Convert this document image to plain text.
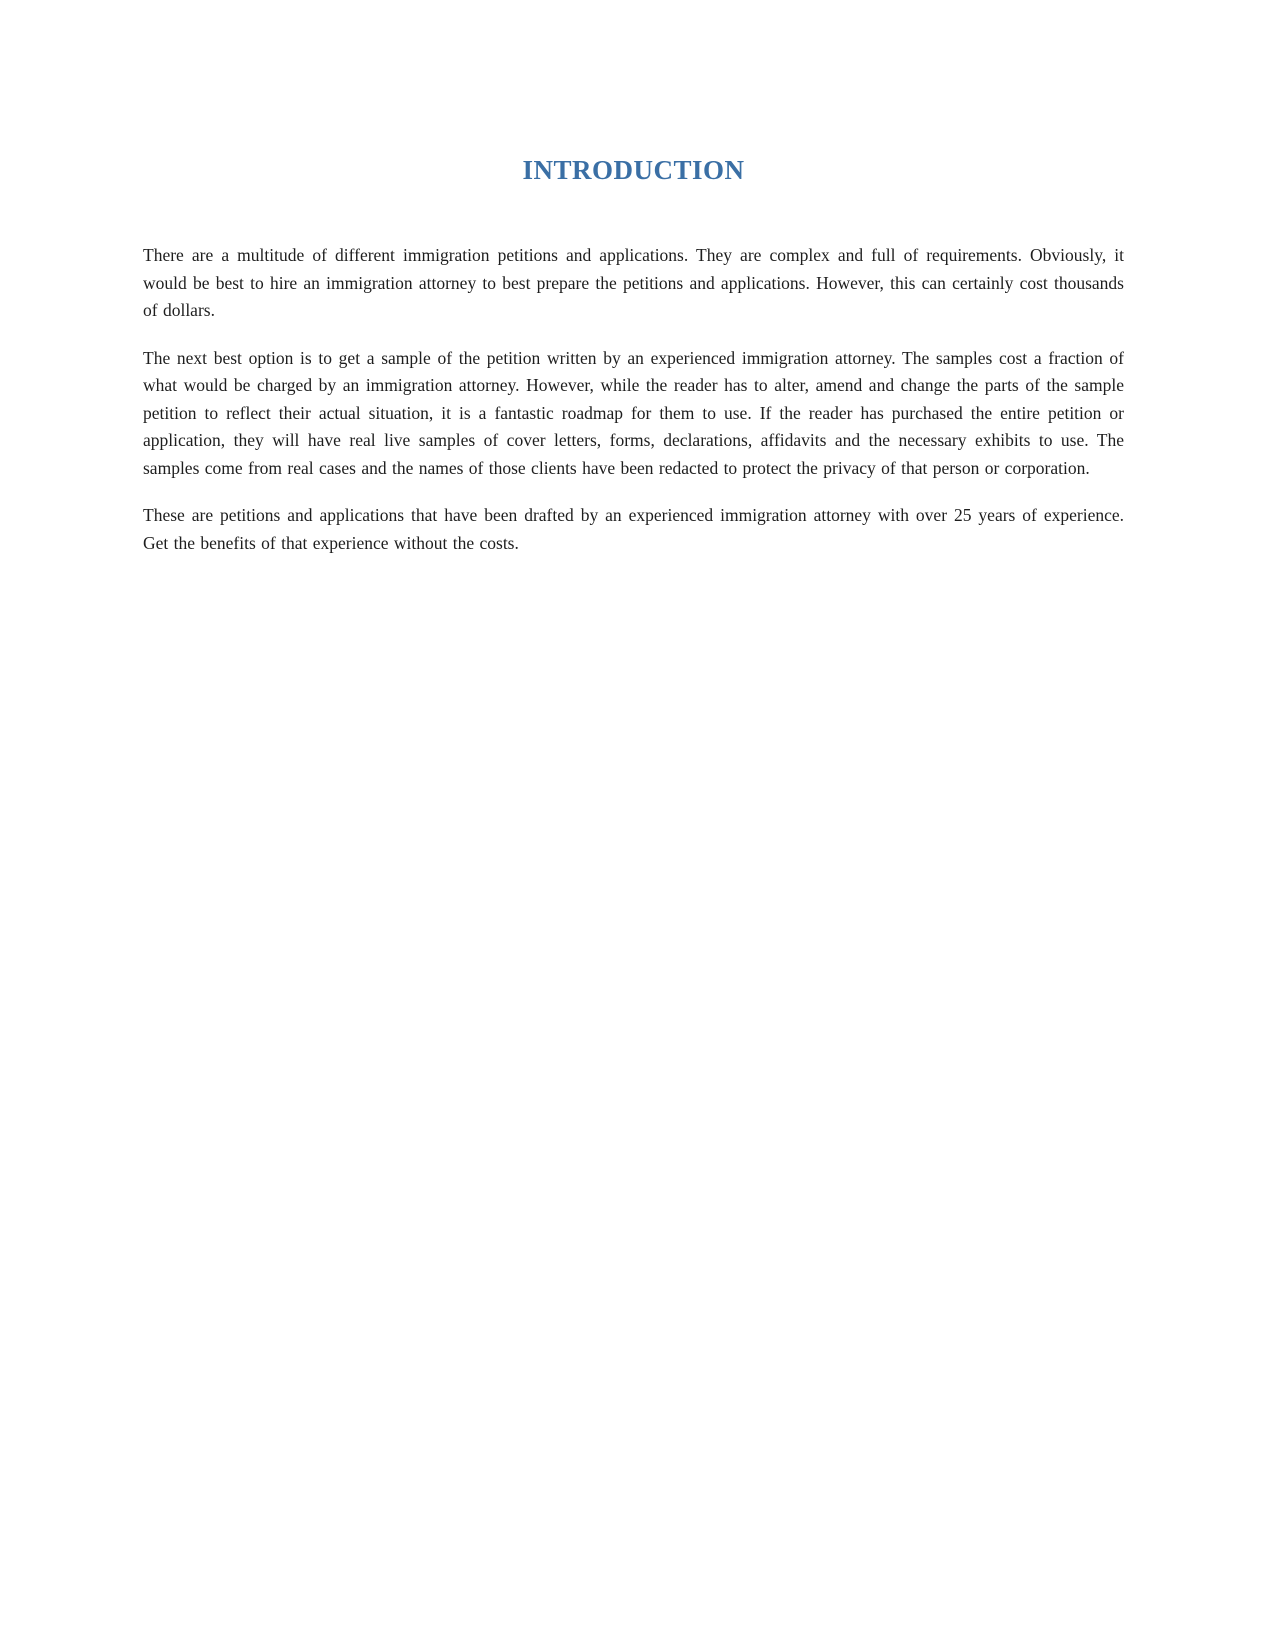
INTRODUCTION

There are a multitude of different immigration petitions and applications. They are complex and full of requirements. Obviously, it would be best to hire an immigration attorney to best prepare the petitions and applications. However, this can certainly cost thousands of dollars.

The next best option is to get a sample of the petition written by an experienced immigration attorney. The samples cost a fraction of what would be charged by an immigration attorney. However, while the reader has to alter, amend and change the parts of the sample petition to reflect their actual situation, it is a fantastic roadmap for them to use. If the reader has purchased the entire petition or application, they will have real live samples of cover letters, forms, declarations, affidavits and the necessary exhibits to use. The samples come from real cases and the names of those clients have been redacted to protect the privacy of that person or corporation.

These are petitions and applications that have been drafted by an experienced immigration attorney with over 25 years of experience. Get the benefits of that experience without the costs.
